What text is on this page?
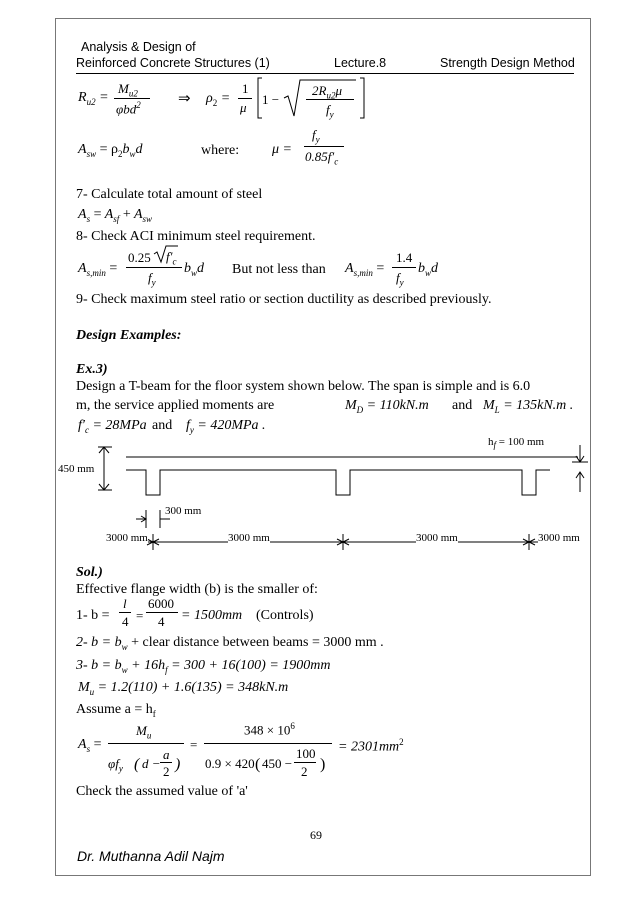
Analysis & Design of
Reinforced Concrete Structures (1)	Lecture.8	Strength Design Method
$R_{u2}$ =
$M_{u2}$
φbd$^2$ ⇒ $\rho_2$ =
1
μ
1 −
$2R_{u2}\mu$
$f_y$
$A_{sw} = \rho_2b_wd$	where: μ =
$f_y$
$0.85f'_c$
7- Calculate total amount of steel
$A_s = A_{sf} + A_{sw}$
8- Check ACI minimum steel requirement.
$A_{s,min}$ =
0.25 $f'_c$
$f_y$
$b_wd$ But not less than $A_{s,min}$ =
1.4
$f_y$
$b_wd$
9- Check maximum steel ratio or section ductility as described previously.
Design Examples:
Ex.3)
Design a T-beam for the floor system shown below. The span is simple and is 6.0
m, the service applied moments are	$M_D = 110kN.m$ and $M_L = 135kN.m$ .
$f'_c = 28MPa$ and $f_y = 420MPa$ .
$h_f = 100$ mm
450 mm
300 mm
3000 mm	3000 mm	3000 mm	3000 mm
Sol.)
Effective flange width (b) is the smaller of:
1- b =
l
4 =
6000
4 = 1500mm (Controls)
2- $b = b_w$ + clear distance between beams = 3000 mm .
3- $b = b_w + 16h_f = 300 + 16(100) = 1900mm$
$M_u = 1.2(110) + 1.6(135) = 348kN.m$
Assume $a = h_f$
$A_s$ =
$M_u$
$\varphi f_y$ ( d −
a
2 )
=
$348 \times 10^6$
0.9 × 420 ( 450 −
100
2 )
= $2301mm^2$
Check the assumed value of 'a'
69
Dr. Muthanna Adil Najm
